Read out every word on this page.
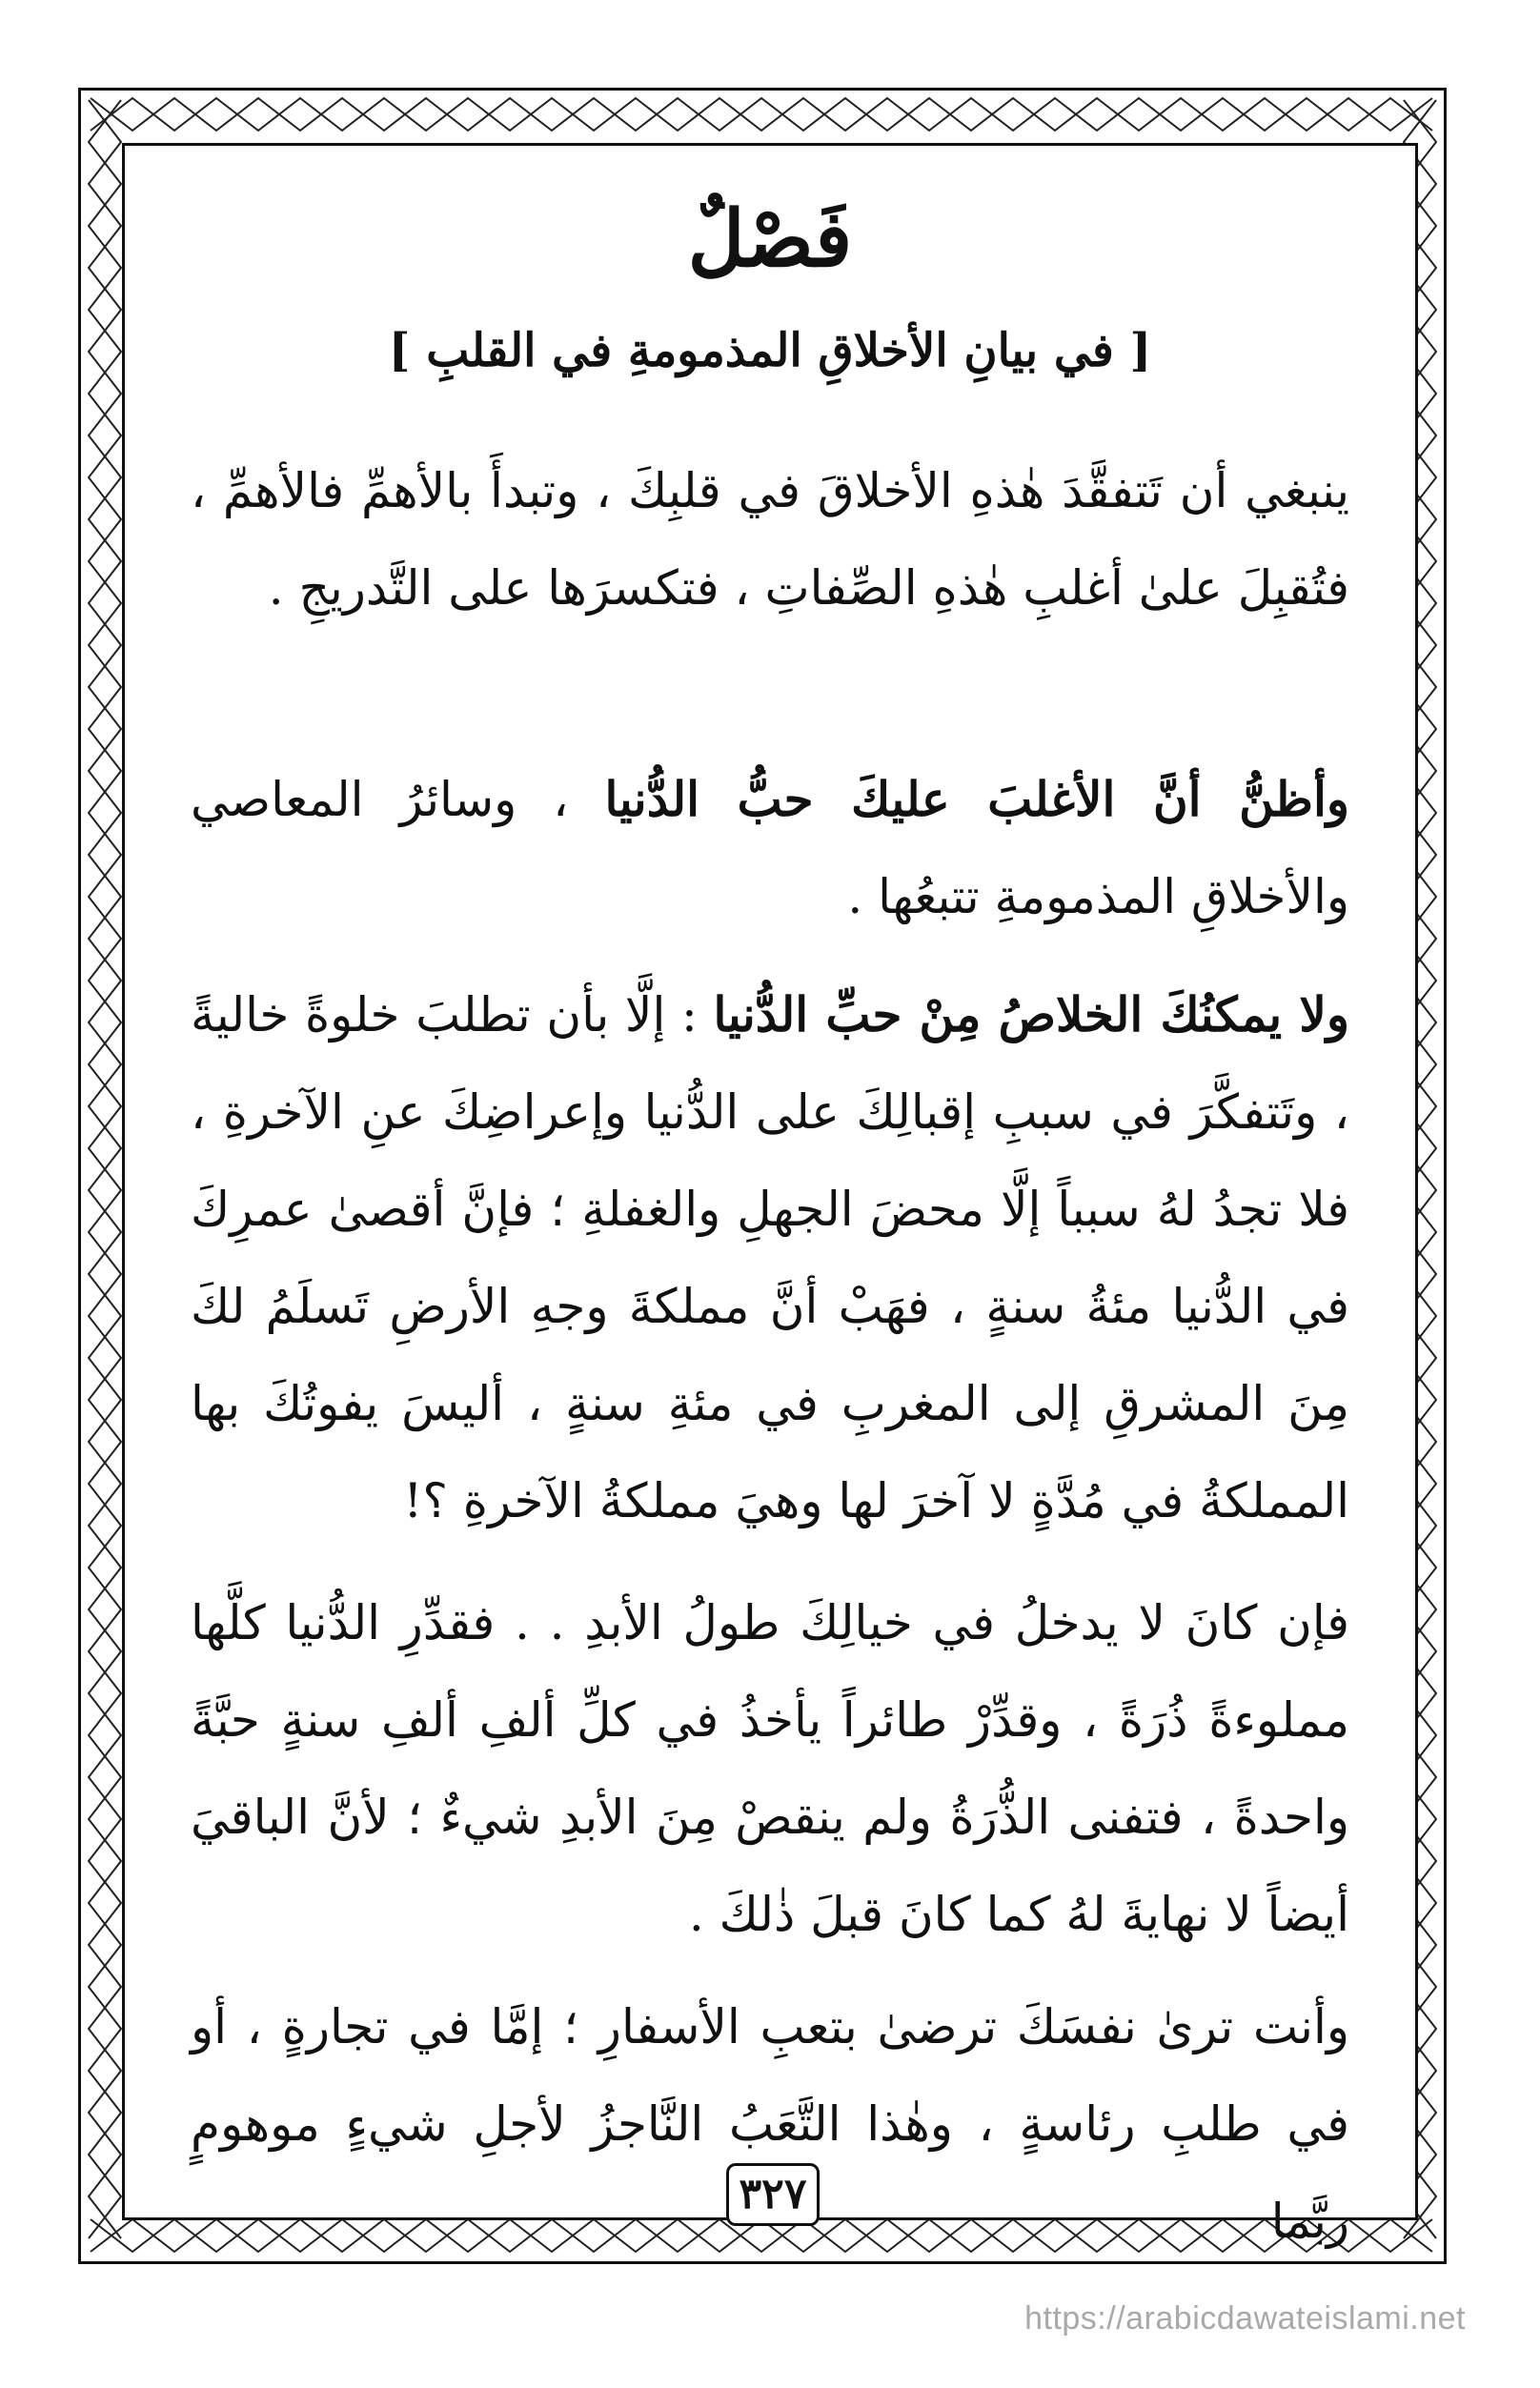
فَصْلٌ
[ في بيانِ الأخلاقِ المذمومةِ في القلبِ ]
ينبغي أن تَتفقَّدَ هٰذهِ الأخلاقَ في قلبِكَ ، وتبدأَ بالأهمِّ فالأهمِّ ، فتُقبِلَ علىٰ أغلبِ هٰذهِ الصِّفاتِ ، فتكسرَها على التَّدريجِ .
وأظنُّ أنَّ الأغلبَ عليكَ حبُّ الدُّنيا ، وسائرُ المعاصي والأخلاقِ المذمومةِ تتبعُها .
ولا يمكنُكَ الخلاصُ مِنْ حبِّ الدُّنيا : إلَّا بأن تطلبَ خلوةً خاليةً ، وتَتفكَّرَ في سببِ إقبالِكَ على الدُّنيا وإعراضِكَ عنِ الآخرةِ ، فلا تجدُ لهُ سبباً إلَّا محضَ الجهلِ والغفلةِ ؛ فإنَّ أقصىٰ عمرِكَ في الدُّنيا مئةُ سنةٍ ، فهَبْ أنَّ مملكةَ وجهِ الأرضِ تَسلَمُ لكَ مِنَ المشرقِ إلى المغربِ في مئةِ سنةٍ ، أليسَ يفوتُكَ بها المملكةُ في مُدَّةٍ لا آخرَ لها وهيَ مملكةُ الآخرةِ ؟!
فإن كانَ لا يدخلُ في خيالِكَ طولُ الأبدِ . . فقدِّرِ الدُّنيا كلَّها مملوءةً ذُرَةً ، وقدِّرْ طائراً يأخذُ في كلِّ ألفِ ألفِ سنةٍ حبَّةً واحدةً ، فتفنى الذُّرَةُ ولم ينقصْ مِنَ الأبدِ شيءٌ ؛ لأنَّ الباقيَ أيضاً لا نهايةَ لهُ كما كانَ قبلَ ذٰلكَ .
وأنت ترىٰ نفسَكَ ترضىٰ بتعبِ الأسفارِ ؛ إمَّا في تجارةٍ ، أو في طلبِ رئاسةٍ ، وهٰذا التَّعَبُ النَّاجزُ لأجلِ شيءٍ موهومٍ ربَّما
٣٢٧
https://arabicdawateislami.net
